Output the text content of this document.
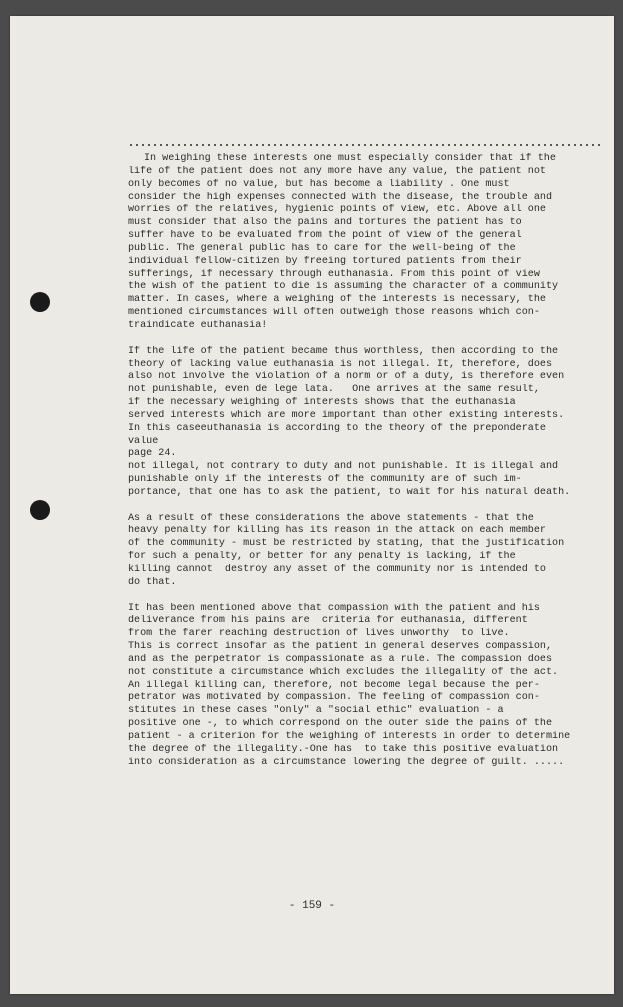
In weighing these interests one must especially consider that if the
life of the patient does not any more have any value, the patient not
only becomes of no value, but has become a liability . One must
consider the high expenses connected with the disease, the trouble and
worries of the relatives, hygienic points of view, etc. Above all one
must consider that also the pains and tortures the patient has to
suffer have to be evaluated from the point of view of the general
public. The general public has to care for the well-being of the
individual fellow-citizen by freeing tortured patients from their
sufferings, if necessary through euthanasia. From this point of view
the wish of the patient to die is assuming the character of a community
matter. In cases, where a weighing of the interests is necessary, the
mentioned circumstances will often outweigh those reasons which con-
traindicate euthanasia!
If the life of the patient became thus worthless, then according to the
theory of lacking value euthanasia is not illegal. It, therefore, does
also not involve the violation of a norm or of a duty, is therefore even
not punishable, even de lege lata.   One arrives at the same result,
if the necessary weighing of interests shows that the euthanasia
served interests which are more important than other existing interests.
In this caseeuthanasia is according to the theory of the preponderate
value
page 24.
not illegal, not contrary to duty and not punishable. It is illegal and
punishable only if the interests of the community are of such im-
portance, that one has to ask the patient, to wait for his natural death.
As a result of these considerations the above statements - that the
heavy penalty for killing has its reason in the attack on each member
of the community - must be restricted by stating, that the justification
for such a penalty, or better for any penalty is lacking, if the
killing cannot  destroy any asset of the community nor is intended to
do that.
It has been mentioned above that compassion with the patient and his
deliverance from his pains are  criteria for euthanasia, different
from the farer reaching destruction of lives unworthy  to live.
This is correct insofar as the patient in general deserves compassion,
and as the perpetrator is compassionate as a rule. The compassion does
not constitute a circumstance which excludes the illegality of the act.
An illegal killing can, therefore, not become legal because the per-
petrator was motivated by compassion. The feeling of compassion con-
stitutes in these cases "only" a "social ethic" evaluation - a
positive one -, to which correspond on the outer side the pains of the
patient - a criterion for the weighing of interests in order to determine
the degree of the illegality.-One has  to take this positive evaluation
into consideration as a circumstance lowering the degree of guilt. .....
- 159 -
